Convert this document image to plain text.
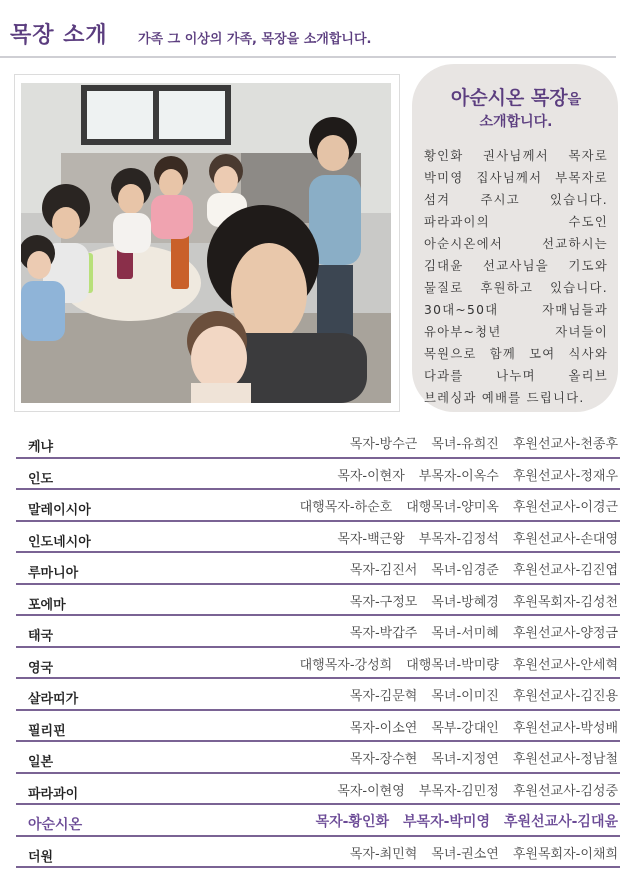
목장 소개 가족 그 이상의 가족, 목장을 소개합니다.
아순시온 목장을
소개합니다.
황인화 권사님께서 목자로 박미영 집사님께서 부목자로 섬겨 주시고 있습니다. 파라과이의 수도인 아순시온에서 선교하시는 김대윤 선교사님을 기도와 물질로 후원하고 있습니다. 30대~50대 자매님들과 유아부~청년 자녀들이 목원으로 함께 모여 식사와 다과를 나누며 올리브 브레싱과 예배를 드립니다.
케냐	목자-방수근 목녀-유희진 후원선교사-천종후
인도	목자-이현자 부목자-이옥수 후원선교사-정재우
말레이시아	대행목자-하순호 대행목녀-양미옥 후원선교사-이경근
인도네시아	목자-백근왕 부목자-김정석 후원선교사-손대영
루마니아	목자-김진서 목녀-임경준 후원선교사-김진엽
포에마	목자-구정모 목녀-방혜경 후원목회자-김성천
태국	목자-박갑주 목녀-서미혜 후원선교사-양정금
영국	대행목자-강성희 대행목녀-박미량 후원선교사-안세혁
살라띠가	목자-김문혁 목녀-이미진 후원선교사-김진용
필리핀	목자-이소연 목부-강대인 후원선교사-박성배
일본	목자-장수현 목녀-지정연 후원선교사-정남철
파라과이	목자-이현영 부목자-김민정 후원선교사-김성중
아순시온	목자-황인화 부목자-박미영 후원선교사-김대윤
더원	목자-최민혁 목녀-권소연 후원목회자-이채희
